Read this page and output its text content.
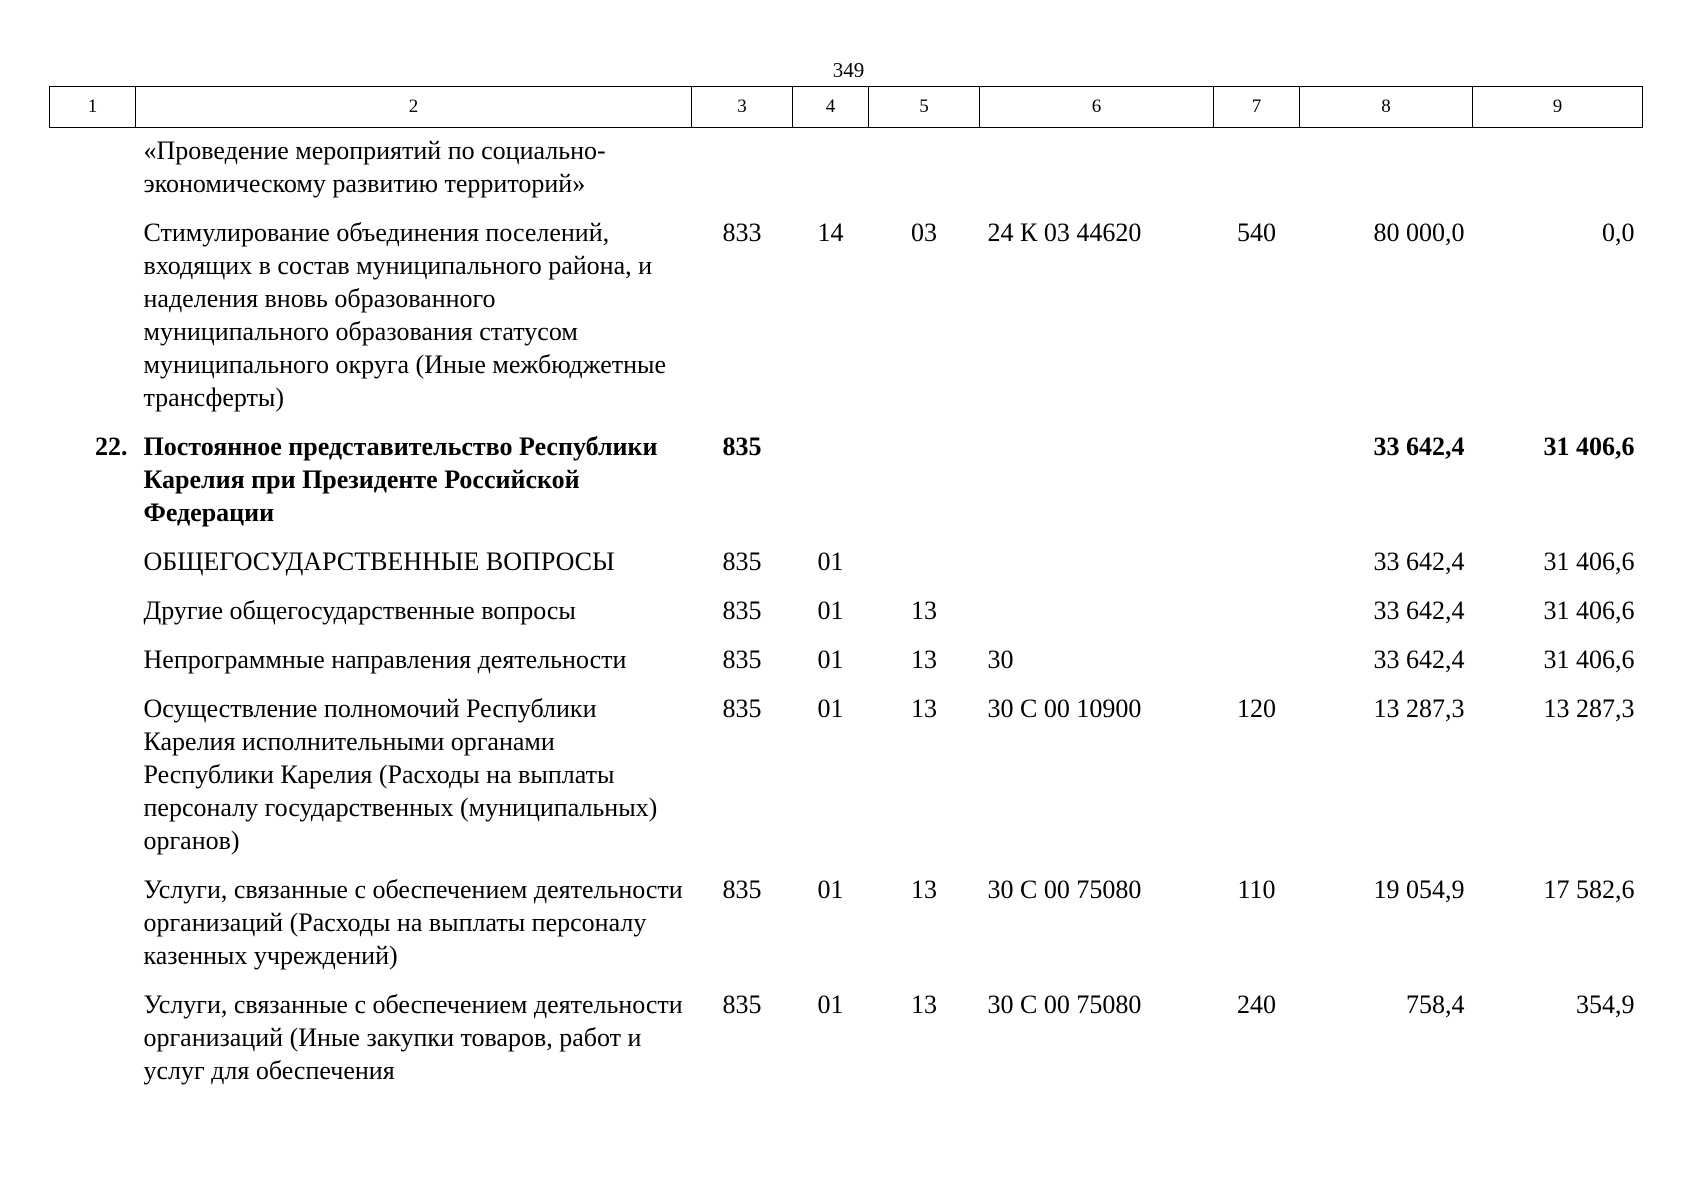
349
1	2	3	4	5	6	7	8	9
	«Проведение мероприятий по социально-экономическому развитию территорий»							
	Стимулирование объединения поселений, входящих в состав муниципального района, и наделения вновь образованного муниципального образования статусом муниципального округа (Иные межбюджетные трансферты)	833	14	03	24 К 03 44620	540	80 000,0	0,0
22.	Постоянное представительство Республики Карелия при Президенте Российской Федерации	835					33 642,4	31 406,6
	ОБЩЕГОСУДАРСТВЕННЫЕ ВОПРОСЫ	835	01				33 642,4	31 406,6
	Другие общегосударственные вопросы	835	01	13			33 642,4	31 406,6
	Непрограммные направления деятельности	835	01	13	30		33 642,4	31 406,6
	Осуществление полномочий Республики Карелия исполнительными органами Республики Карелия (Расходы на выплаты персоналу государственных (муниципальных) органов)	835	01	13	30 С 00 10900	120	13 287,3	13 287,3
	Услуги, связанные с обеспечением деятельности организаций (Расходы на выплаты персоналу казенных учреждений)	835	01	13	30 С 00 75080	110	19 054,9	17 582,6
	Услуги, связанные с обеспечением деятельности организаций (Иные закупки товаров, работ и услуг для обеспечения	835	01	13	30 С 00 75080	240	758,4	354,9
